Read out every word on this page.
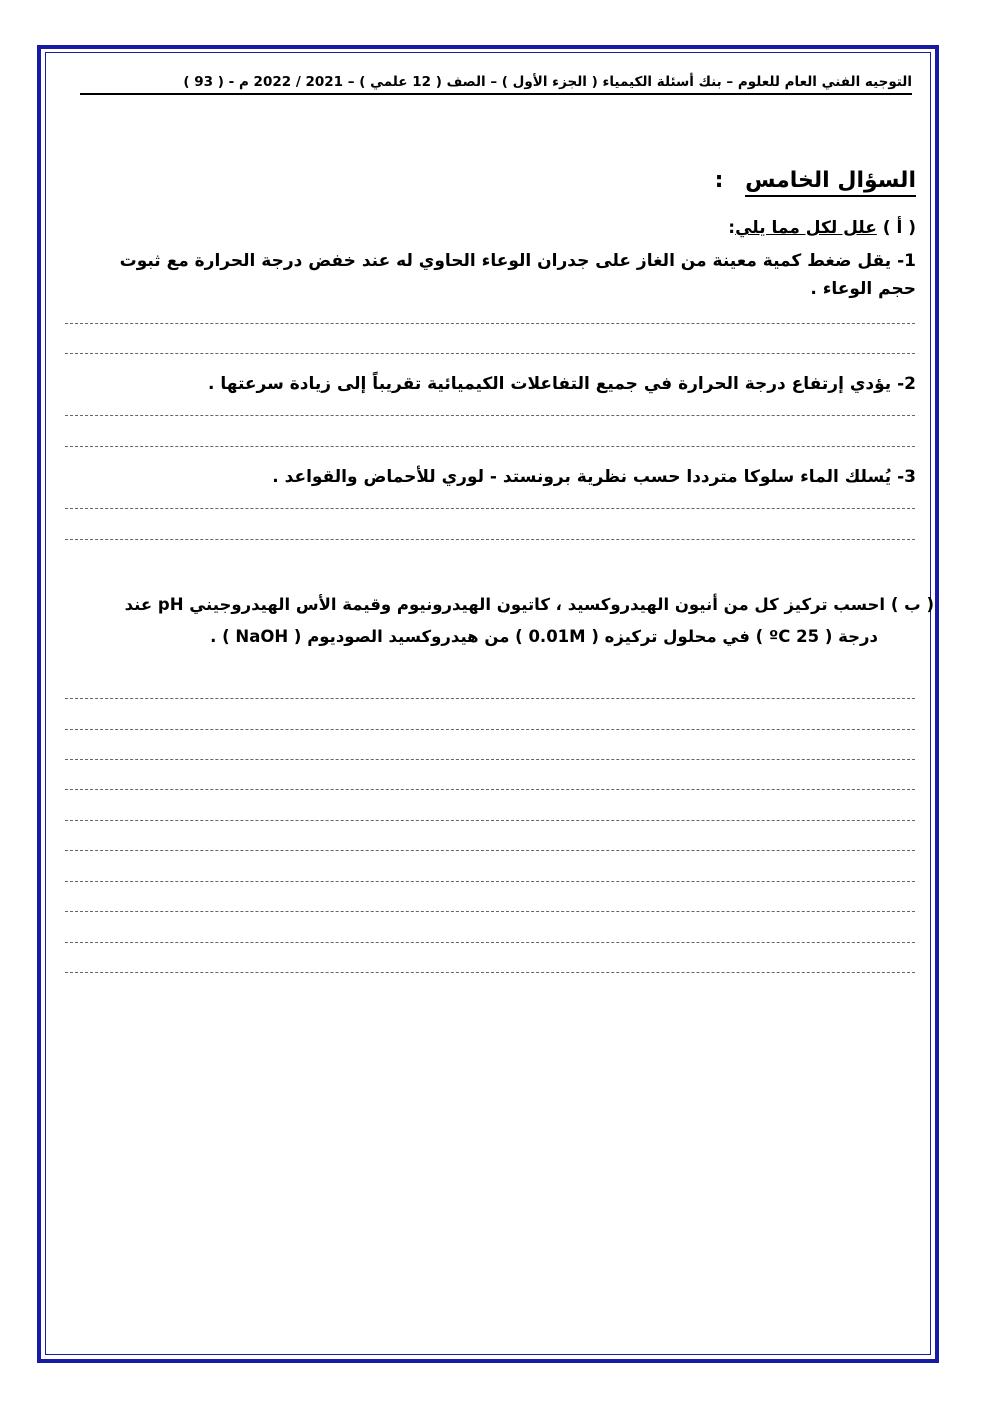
التوجيه الفني العام للعلوم – بنك أسئلة الكيمياء ( الجزء الأول ) – الصف ( 12 علمي ) – 2021 / 2022 م - ( 93 )
السؤال الخامس :
( أ ) علل لكل مما يلي:
1- يقل ضغط كمية معينة من الغاز على جدران الوعاء الحاوي له عند خفض درجة الحرارة مع ثبوت حجم الوعاء .
2- يؤدي إرتفاع درجة الحرارة في جميع التفاعلات الكيميائية تقريباً إلى زيادة سرعتها .
3- يُسلك الماء سلوكا مترددا حسب نظرية برونستد - لوري للأحماض والقواعد .
( ب ) احسب تركيز كل من أنيون الهيدروكسيد ، كاتيون الهيدرونيوم وقيمة الأس الهيدروجيني pH عند
درجة ( 25 ºC ) في محلول تركيزه ( 0.01M ) من هيدروكسيد الصوديوم ( NaOH ) .
